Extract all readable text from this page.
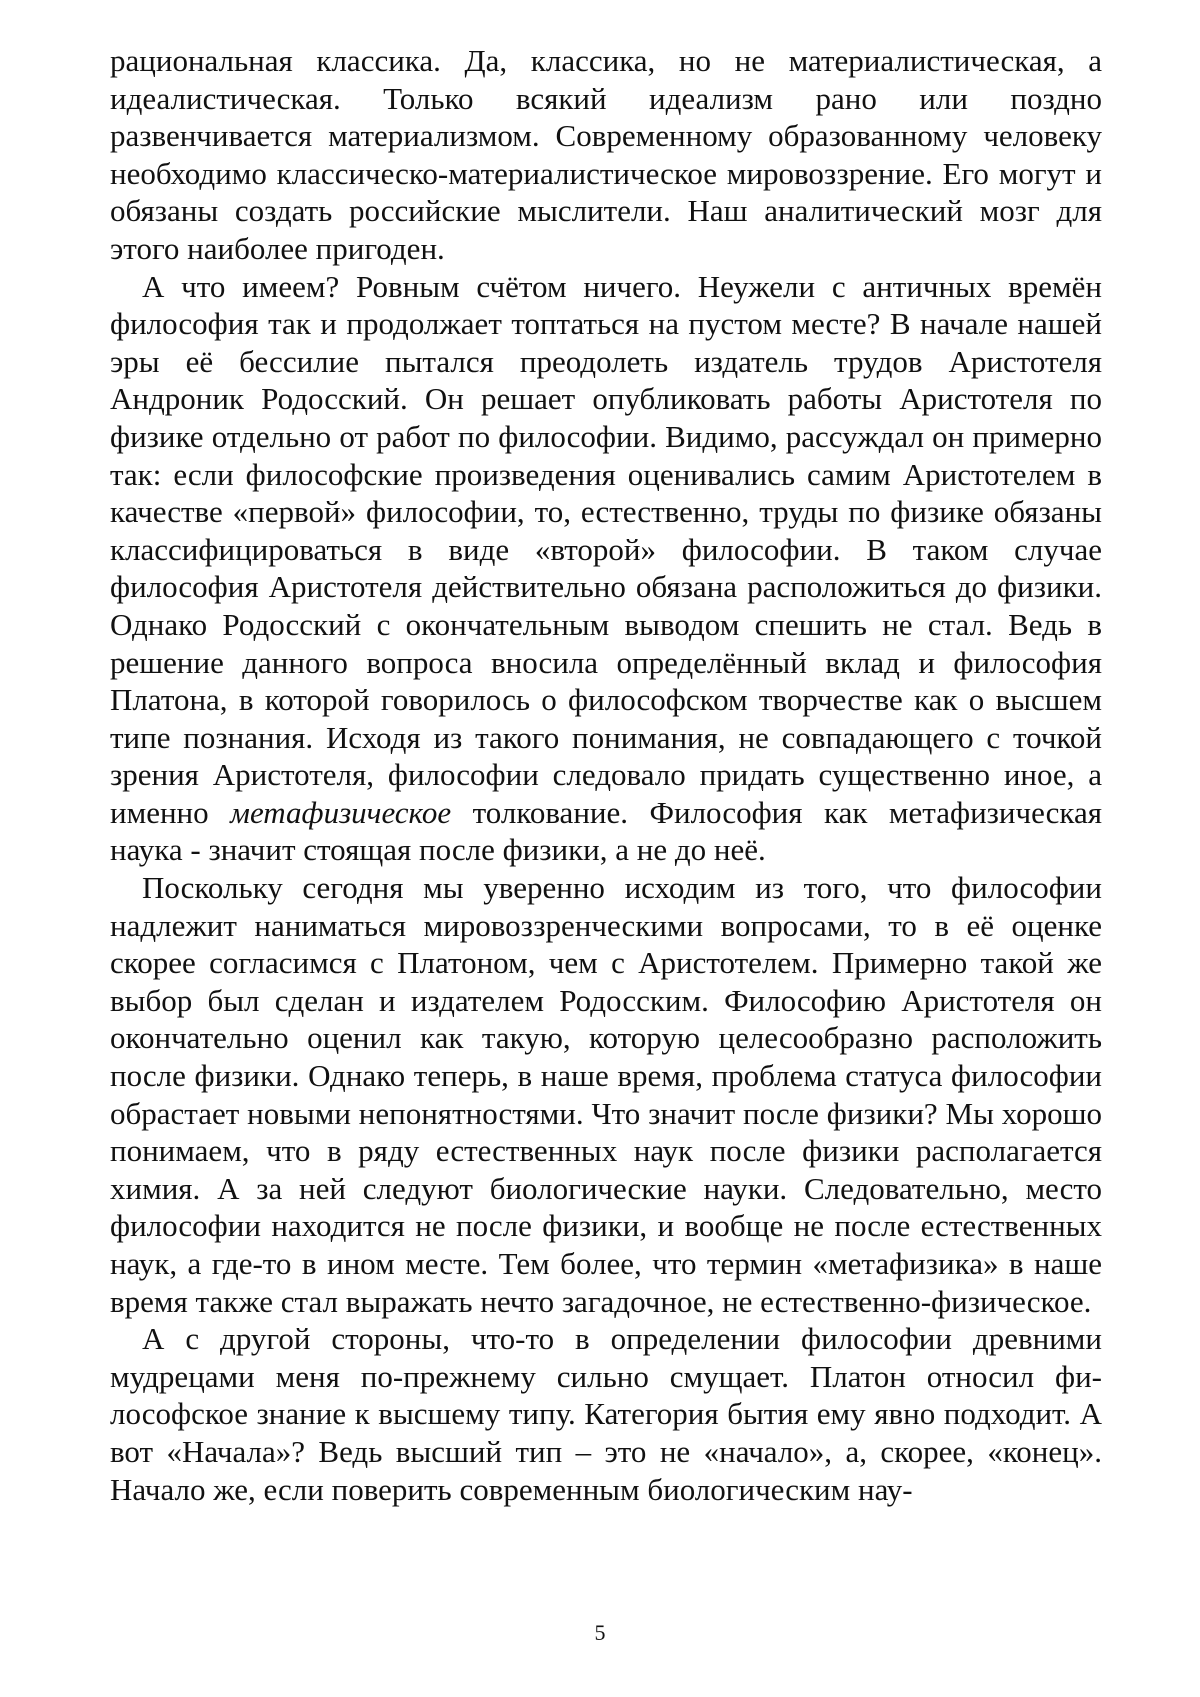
рациональная классика. Да, классика, но не материалистическая, а идеалистическая. Только всякий идеализм рано или поздно развенчивается материализмом. Современному образованному человеку необходимо классическо-материалистическое мировоззрение. Его могут и обязаны создать российские мыслители. Наш аналитический мозг для этого наиболее пригоден.

А что имеем? Ровным счётом ничего. Неужели с античных времён философия так и продолжает топтаться на пустом месте? В начале нашей эры её бессилие пытался преодолеть издатель трудов Аристотеля Андроник Родосский. Он решает опубликовать работы Аристотеля по физике отдельно от работ по философии. Видимо, рассуждал он примерно так: если философские произведения оценивались самим Аристотелем в качестве «первой» философии, то, естественно, труды по физике обязаны классифицироваться в виде «второй» философии. В таком случае философия Аристотеля действительно обязана расположиться до физики. Однако Родосский с окончательным выводом спешить не стал. Ведь в решение данного вопроса вносила определённый вклад и философия Платона, в которой говорилось о философском творчестве как о высшем типе познания. Исходя из такого понимания, не совпадающего с точкой зрения Аристотеля, философии следовало придать существенно иное, а именно метафизическое толкование. Философия как метафизическая наука - значит стоящая после физики, а не до неё.

Поскольку сегодня мы уверенно исходим из того, что философии надлежит наниматься мировоззренческими вопросами, то в её оценке скорее согласимся с Платоном, чем с Аристотелем. Примерно такой же выбор был сделан и издателем Родосским. Философию Аристотеля он окончательно оценил как такую, которую целесообразно расположить после физики. Однако теперь, в наше время, проблема статуса философии обрастает новыми непонятностями. Что значит после физики? Мы хорошо понимаем, что в ряду естественных наук после физики располагается химия. А за ней следуют биологические науки. Следовательно, место философии находится не после физики, и вообще не после естественных наук, а где-то в ином месте. Тем более, что термин «метафизика» в наше время также стал выражать нечто загадочное, не естественно-физическое.

А с другой стороны, что-то в определении философии древними мудрецами меня по-прежнему сильно смущает. Платон относил философское знание к высшему типу. Категория бытия ему явно подходит. А вот «Начала»? Ведь высший тип – это не «начало», а, скорее, «конец». Начало же, если поверить современным биологическим нау-

5
